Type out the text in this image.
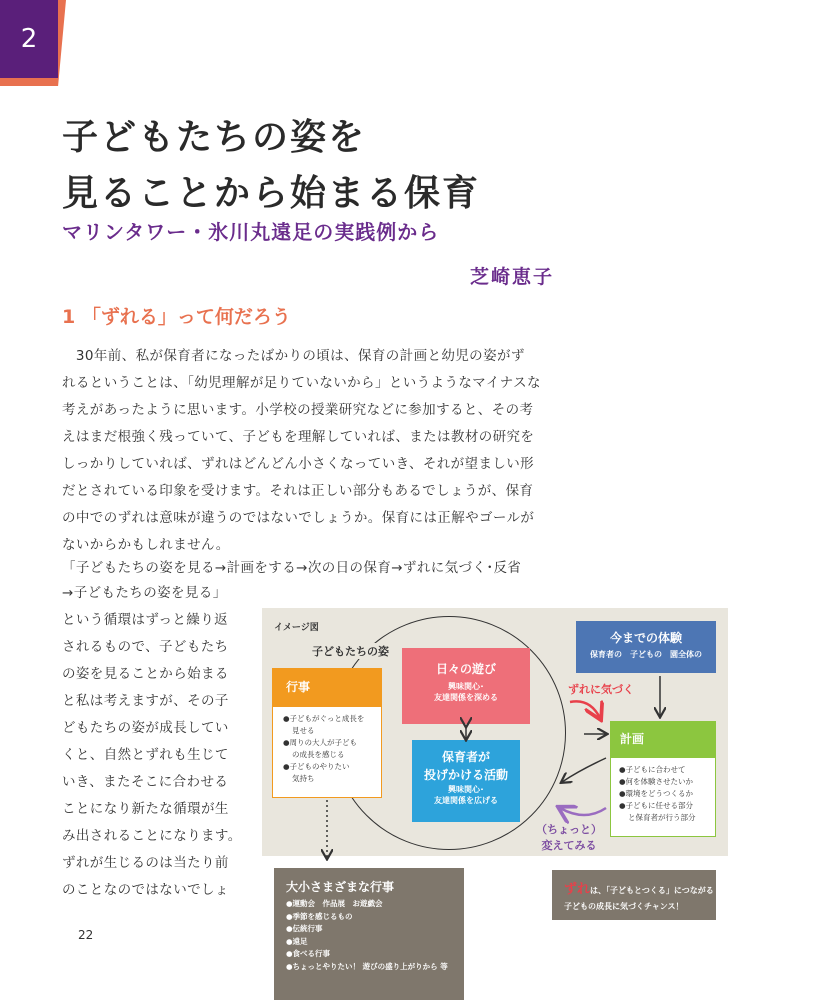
2
子どもたちの姿を
見ることから始まる保育
マリンタワー・氷川丸遠足の実践例から
芝崎恵子
1 「ずれる」って何だろう
　30年前、私が保育者になったばかりの頃は、保育の計画と幼児の姿がず
れるということは、「幼児理解が足りていないから」というようなマイナスな
考えがあったように思います。小学校の授業研究などに参加すると、その考
えはまだ根強く残っていて、子どもを理解していれば、または教材の研究を
しっかりしていれば、ずれはどんどん小さくなっていき、それが望ましい形
だとされている印象を受けます。それは正しい部分もあるでしょうが、保育
の中でのずれは意味が違うのではないでしょうか。保育には正解やゴールが
ないからかもしれません。
「子どもたちの姿を見る→計画をする→次の日の保育→ずれに気づく･反省
→子どもたちの姿を見る」
という循環はずっと繰り返
されるもので、子どもたち
の姿を見ることから始まる
と私は考えますが、その子
どもたちの姿が成長してい
くと、自然とずれも生じて
いき、またそこに合わせる
ことになり新たな循環が生
み出されることになります。
ずれが生じるのは当たり前
のことなのではないでしょ
22
イメージ図
子どもたちの姿
行事
●子どもがぐっと成長を
見せる
●周りの大人が子ども
の成長を感じる
●子どものやりたい
気持ち
日々の遊び
興味関心･
友達関係を深める
保育者が
投げかける活動
興味関心･
友達関係を広げる
今までの体験
保育者の　子どもの　園全体の
ずれに気づく
計画
●子どもに合わせて
●何を体験させたいか
●環境をどうつくるか
●子どもに任せる部分
と保育者が行う部分
（ちょっと）
変えてみる
大小さまざまな行事
●運動会　作品展　お遊戯会
●季節を感じるもの
●伝統行事
●遠足
●食べる行事
●ちょっとやりたい！ 遊びの盛り上がりから 等
ずれは、「子どもとつくる」につながる
子どもの成長に気づくチャンス！
